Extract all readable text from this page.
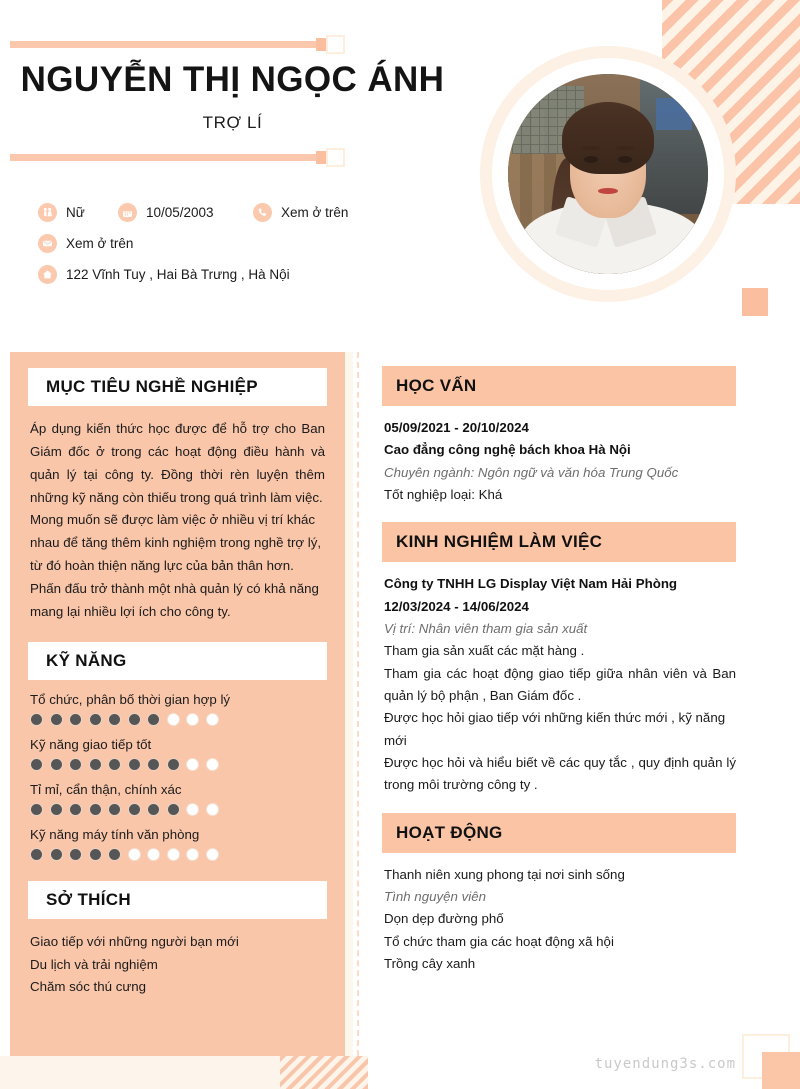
NGUYỄN THỊ NGỌC ÁNH
TRỢ LÍ
Nữ	10/05/2003	Xem ở trên
Xem ở trên
122 Vĩnh Tuy , Hai Bà Trưng , Hà Nội
MỤC TIÊU NGHỀ NGHIỆP

Áp dụng kiến thức học được để hỗ trợ cho Ban Giám đốc ở trong các hoạt động điều hành và quản lý tại công ty. Đồng thời rèn luyện thêm những kỹ năng còn thiếu trong quá trình làm việc.

Mong muốn sẽ được làm việc ở nhiều vị trí khác nhau để tăng thêm kinh nghiệm trong nghề trợ lý, từ đó hoàn thiện năng lực của bản thân hơn.

Phấn đấu trở thành một nhà quản lý có khả năng mang lại nhiều lợi ích cho công ty.

KỸ NĂNG
Tổ chức, phân bố thời gian hợp lý
Kỹ năng giao tiếp tốt
Tỉ mỉ, cẩn thận, chính xác
Kỹ năng máy tính văn phòng
SỞ THÍCH
Giao tiếp với những người bạn mới
Du lịch và trải nghiệm
Chăm sóc thú cưng
HỌC VẤN
05/09/2021 - 20/10/2024
Cao đẳng công nghệ bách khoa Hà Nội
Chuyên ngành: Ngôn ngữ và văn hóa Trung Quốc
Tốt nghiệp loại: Khá
KINH NGHIỆM LÀM VIỆC
Công ty TNHH LG Display Việt Nam Hải Phòng
12/03/2024 - 14/06/2024
Vị trí: Nhân viên tham gia sản xuất
Tham gia sản xuất các mặt hàng .
Tham gia các hoạt động giao tiếp giữa nhân viên và Ban quản lý bộ phận , Ban Giám đốc .
Được học hỏi giao tiếp với những kiến thức mới , kỹ năng mới
Được học hỏi và hiểu biết về các quy tắc , quy định quản lý trong môi trường công ty .
HOẠT ĐỘNG
Thanh niên xung phong tại nơi sinh sống
Tình nguyện viên
Dọn dẹp đường phố
Tổ chức tham gia các hoạt động xã hội
Trồng cây xanh
tuyendung3s.com
